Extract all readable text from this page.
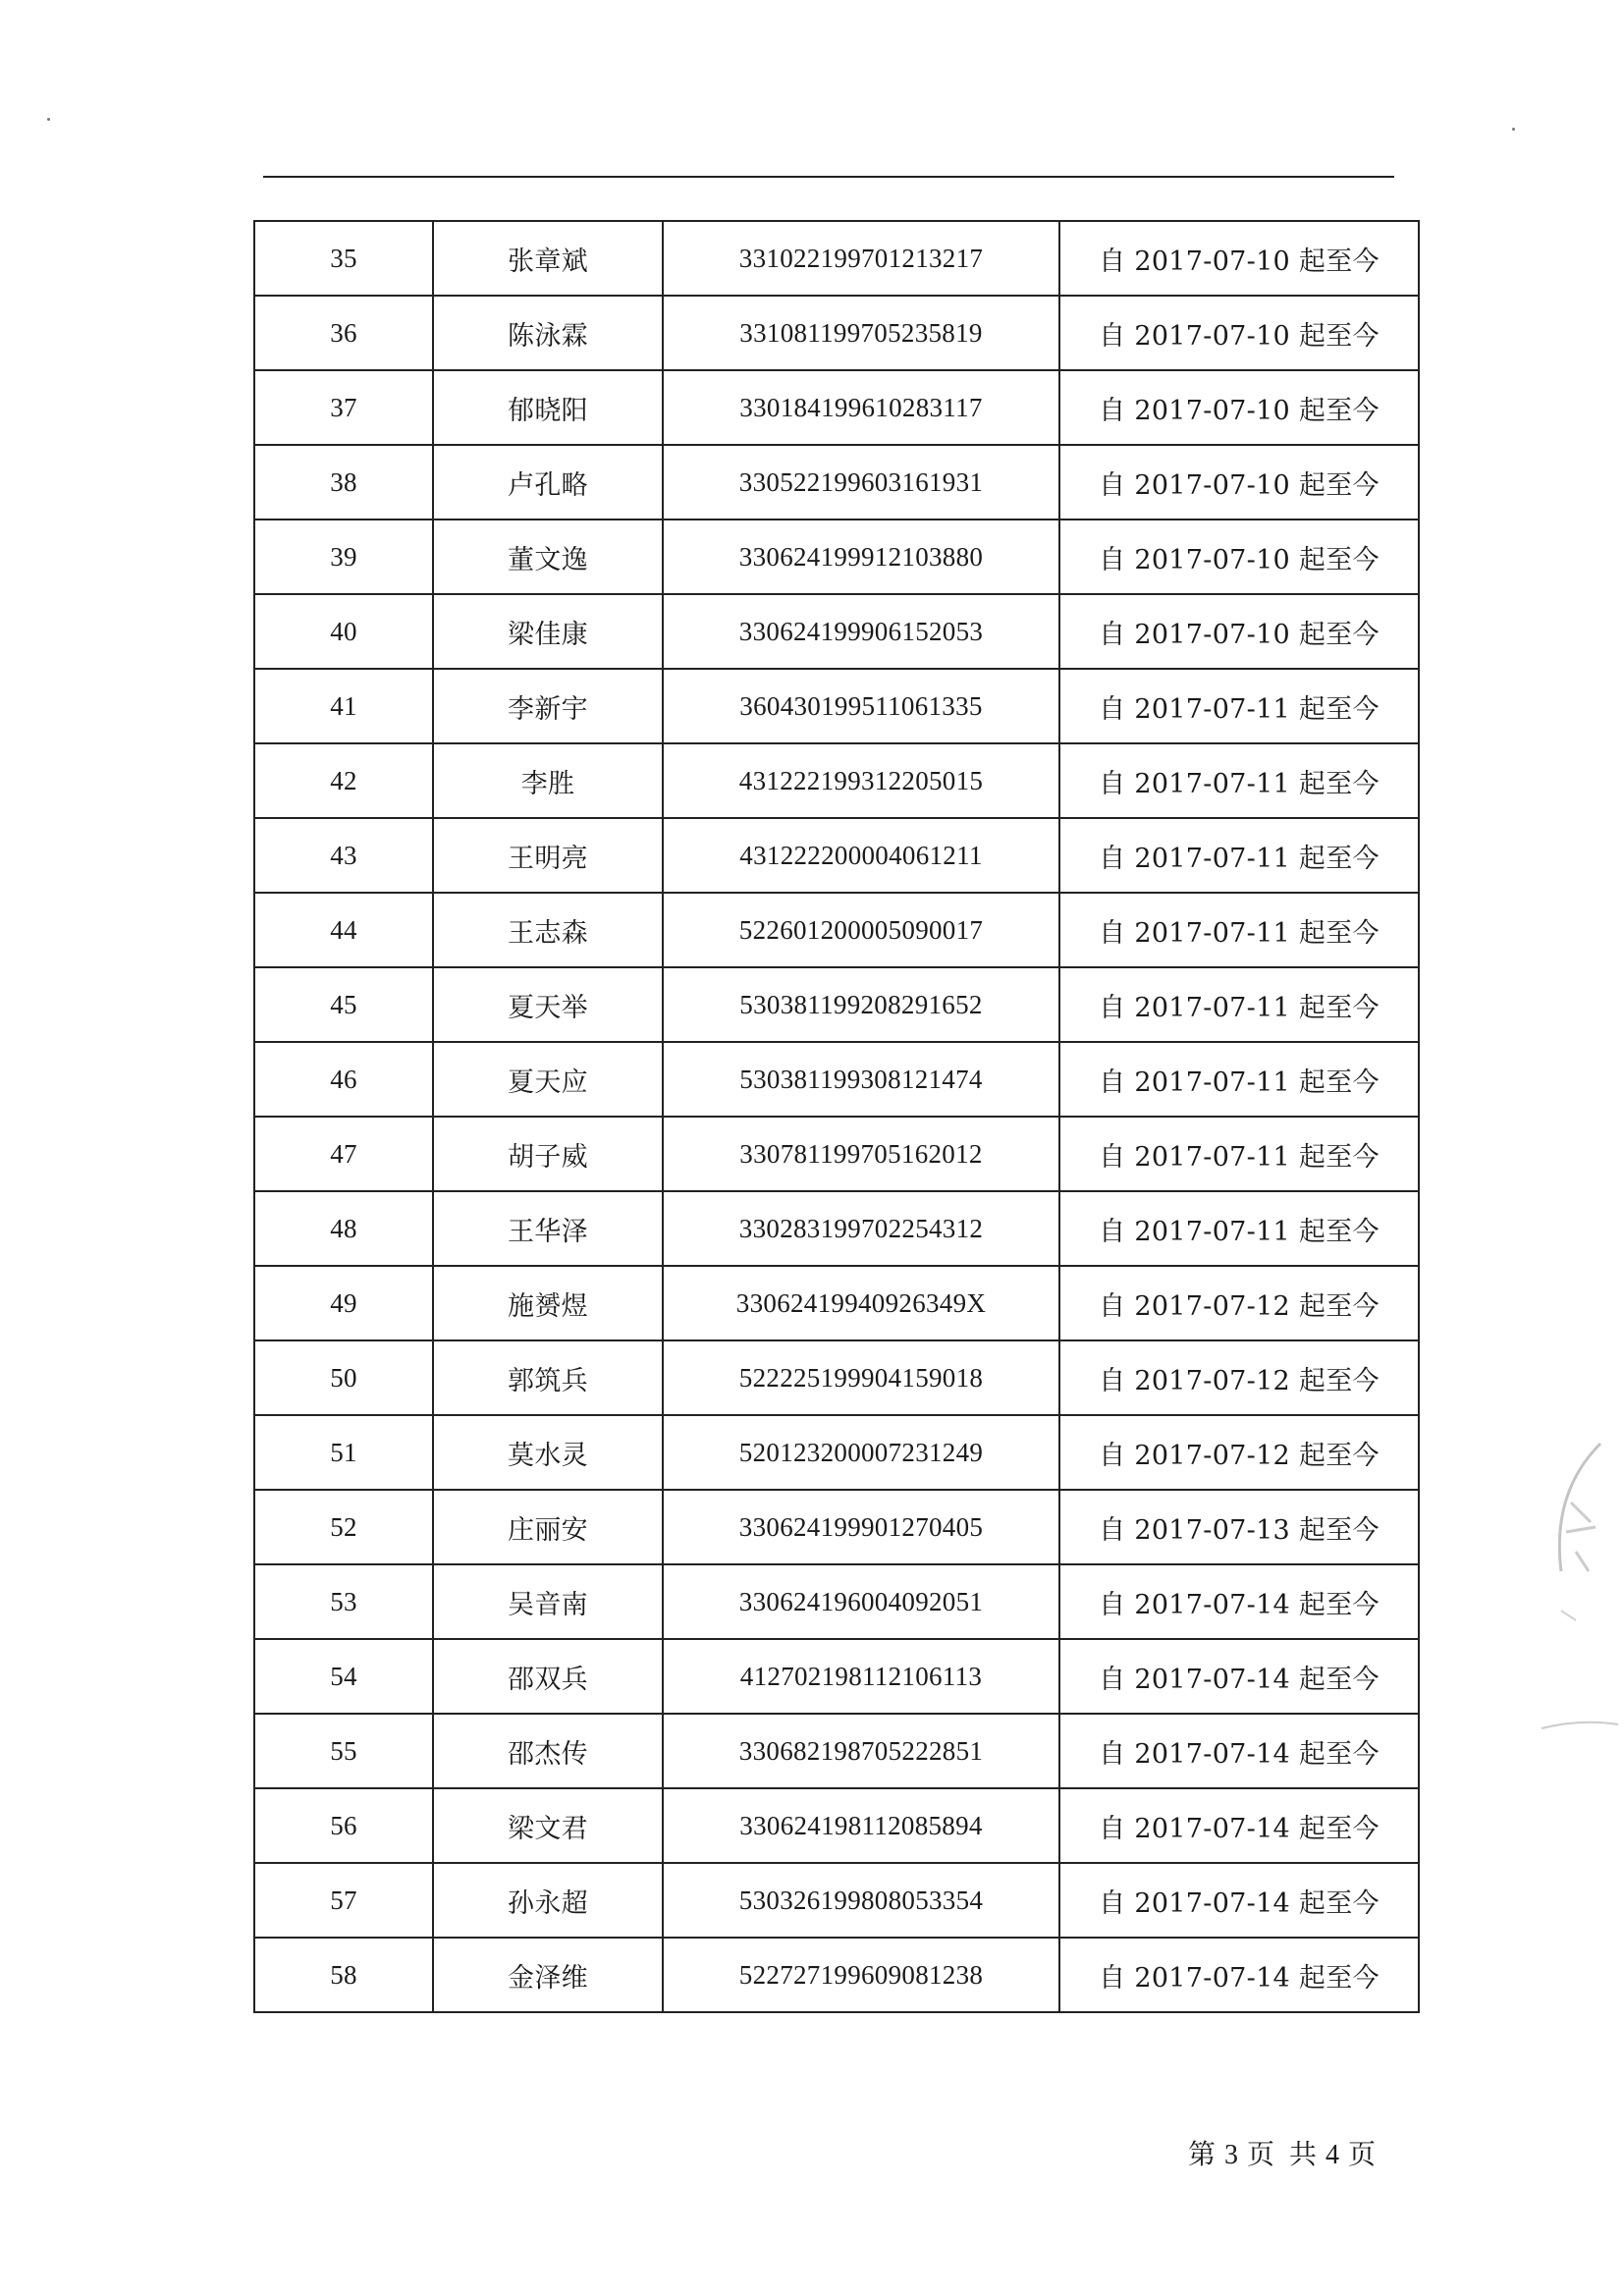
35	张章斌	331022199701213217	自 2017-07-10 起至今
36	陈泳霖	331081199705235819	自 2017-07-10 起至今
37	郁晓阳	330184199610283117	自 2017-07-10 起至今
38	卢孔略	330522199603161931	自 2017-07-10 起至今
39	董文逸	330624199912103880	自 2017-07-10 起至今
40	梁佳康	330624199906152053	自 2017-07-10 起至今
41	李新宇	360430199511061335	自 2017-07-11 起至今
42	李胜	431222199312205015	自 2017-07-11 起至今
43	王明亮	431222200004061211	自 2017-07-11 起至今
44	王志森	522601200005090017	自 2017-07-11 起至今
45	夏天举	530381199208291652	自 2017-07-11 起至今
46	夏天应	530381199308121474	自 2017-07-11 起至今
47	胡子威	330781199705162012	自 2017-07-11 起至今
48	王华泽	330283199702254312	自 2017-07-11 起至今
49	施赟煜	33062419940926349X	自 2017-07-12 起至今
50	郭筑兵	522225199904159018	自 2017-07-12 起至今
51	莫水灵	520123200007231249	自 2017-07-12 起至今
52	庄丽安	330624199901270405	自 2017-07-13 起至今
53	吴音南	330624196004092051	自 2017-07-14 起至今
54	邵双兵	412702198112106113	自 2017-07-14 起至今
55	邵杰传	330682198705222851	自 2017-07-14 起至今
56	梁文君	330624198112085894	自 2017-07-14 起至今
57	孙永超	530326199808053354	自 2017-07-14 起至今
58	金泽维	522727199609081238	自 2017-07-14 起至今
第 3 页 共 4 页
